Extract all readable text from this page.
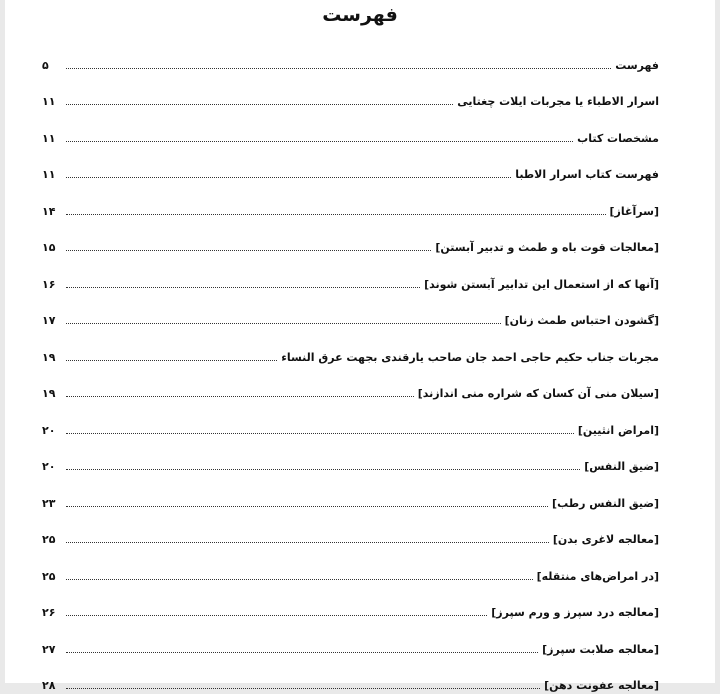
فهرست
فهرست
۵
اسرار الاطباء یا مجربات ایلات چغتایی
۱۱
مشخصات کتاب
۱۱
فهرست کتاب اسرار الاطبا
۱۱
[سرآغاز]
۱۴
[معالجات قوت باه و طمث و تدبیر آبستن]
۱۵
[آنها که از استعمال این تدابیر آبستن شوند]
۱۶
[گشودن احتباس طمث زنان]
۱۷
مجربات جناب حکیم حاجی احمد جان صاحب یارقندی بجهت عرق النساء
۱۹
[سیلان منی آن کسان که شراره منی اندازند]
۱۹
[امراض انثیین]
۲۰
[ضیق النفس]
۲۰
[ضیق النفس رطب]
۲۳
[معالجه لاغری بدن]
۲۵
[در امراض‌های منتقله]
۲۵
[معالجه درد سپرز و ورم سپرز]
۲۶
[معالجه صلابت سپرز]
۲۷
[معالجه عفونت دهن]
۲۸
